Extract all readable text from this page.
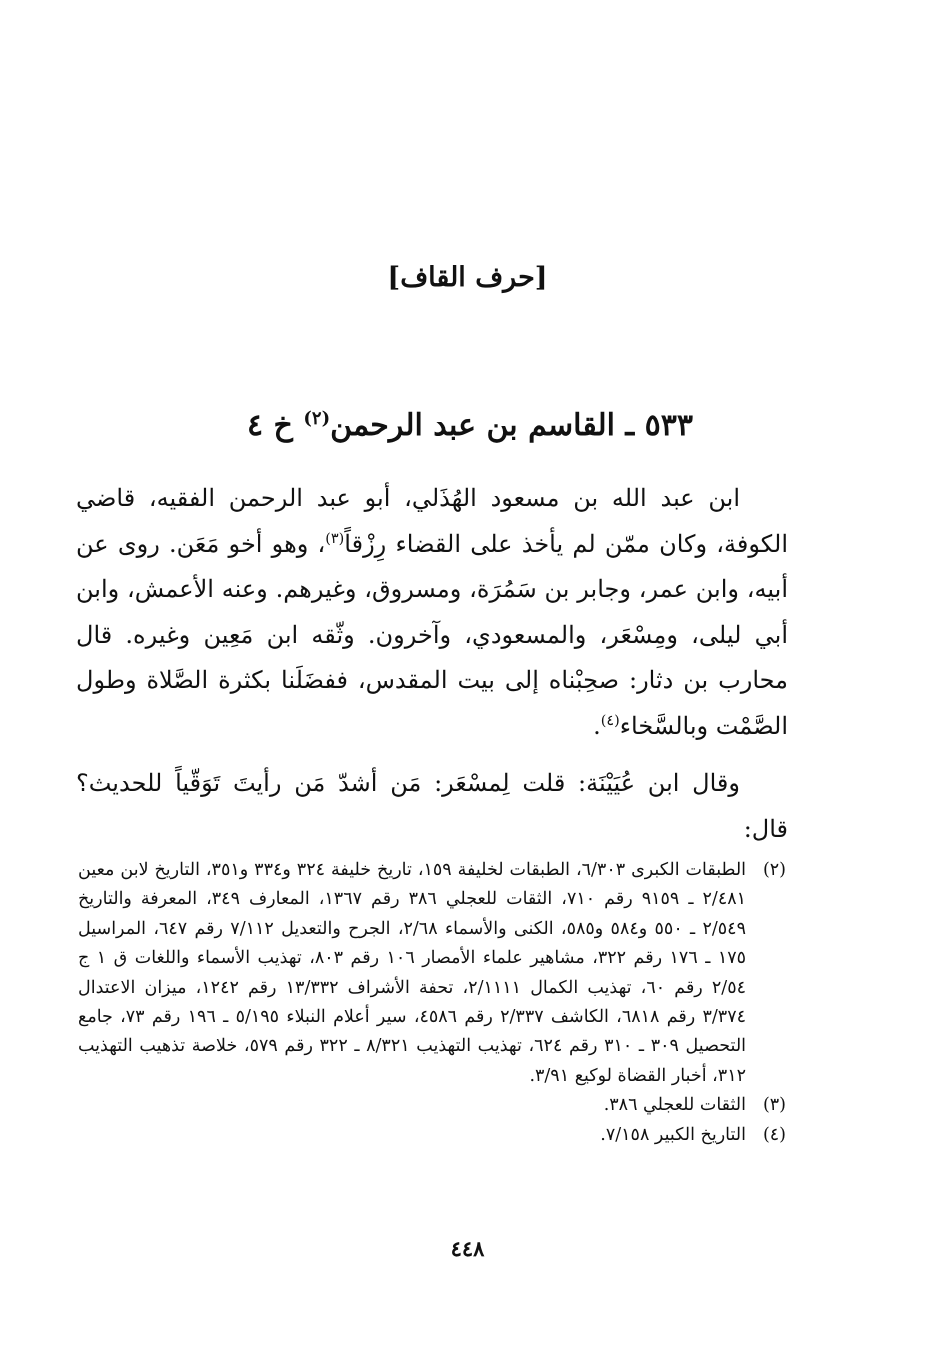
[حرف القاف]
٥٣٣ ـ القاسم بن عبد الرحمن$^{(٢)}$ خ ٤

ابن عبد الله بن مسعود الهُذَلي، أبو عبد الرحمن الفقيه، قاضي الكوفة، وكان ممّن لم يأخذ على القضاء رِزْقاً$^{(٣)}$، وهو أخو مَعَن. روى عن أبيه، وابن عمر، وجابر بن سَمُرَة، ومسروق، وغيرهم. وعنه الأعمش، وابن أبي ليلى، ومِسْعَر، والمسعودي، وآخرون. وثّقه ابن مَعِين وغيره. قال محارب بن دثار: صحِبْناه إلى بيت المقدس، ففضَلَنا بكثرة الصَّلاة وطول الصَّمْت وبالسَّخاء$^{(٤)}$.

وقال ابن عُيَيْنَة: قلت لِمسْعَر: مَن أشدّ مَن رأيتَ تَوَقّياً للحديث؟ قال:

(٢)
الطبقات الكبرى ٦/٣٠٣، الطبقات لخليفة ١٥٩، تاريخ خليفة ٣٢٤ و٣٣٤ و٣٥١، التاريخ لابن معين ٢/٤٨١ ـ ٩١٥٩ رقم ٧١٠، الثقات للعجلي ٣٨٦ رقم ١٣٦٧، المعارف ٣٤٩، المعرفة والتاريخ ٢/٥٤٩ ـ ٥٥٠ و٥٨٤ و٥٨٥، الكنى والأسماء ٢/٦٨، الجرح والتعديل ٧/١١٢ رقم ٦٤٧، المراسيل ١٧٥ ـ ١٧٦ رقم ٣٢٢، مشاهير علماء الأمصار ١٠٦ رقم ٨٠٣، تهذيب الأسماء واللغات ق ١ ج ٢/٥٤ رقم ٦٠، تهذيب الكمال ٢/١١١١، تحفة الأشراف ١٣/٣٣٢ رقم ١٢٤٢، ميزان الاعتدال ٣/٣٧٤ رقم ٦٨١٨، الكاشف ٢/٣٣٧ رقم ٤٥٨٦، سير أعلام النبلاء ٥/١٩٥ ـ ١٩٦ رقم ٧٣، جامع التحصيل ٣٠٩ ـ ٣١٠ رقم ٦٢٤، تهذيب التهذيب ٨/٣٢١ ـ ٣٢٢ رقم ٥٧٩، خلاصة تذهيب التهذيب ٣١٢، أخبار القضاة لوكيع ٣/٩١.
(٣)
الثقات للعجلي ٣٨٦.
(٤)
التاريخ الكبير ٧/١٥٨.
٤٤٨
